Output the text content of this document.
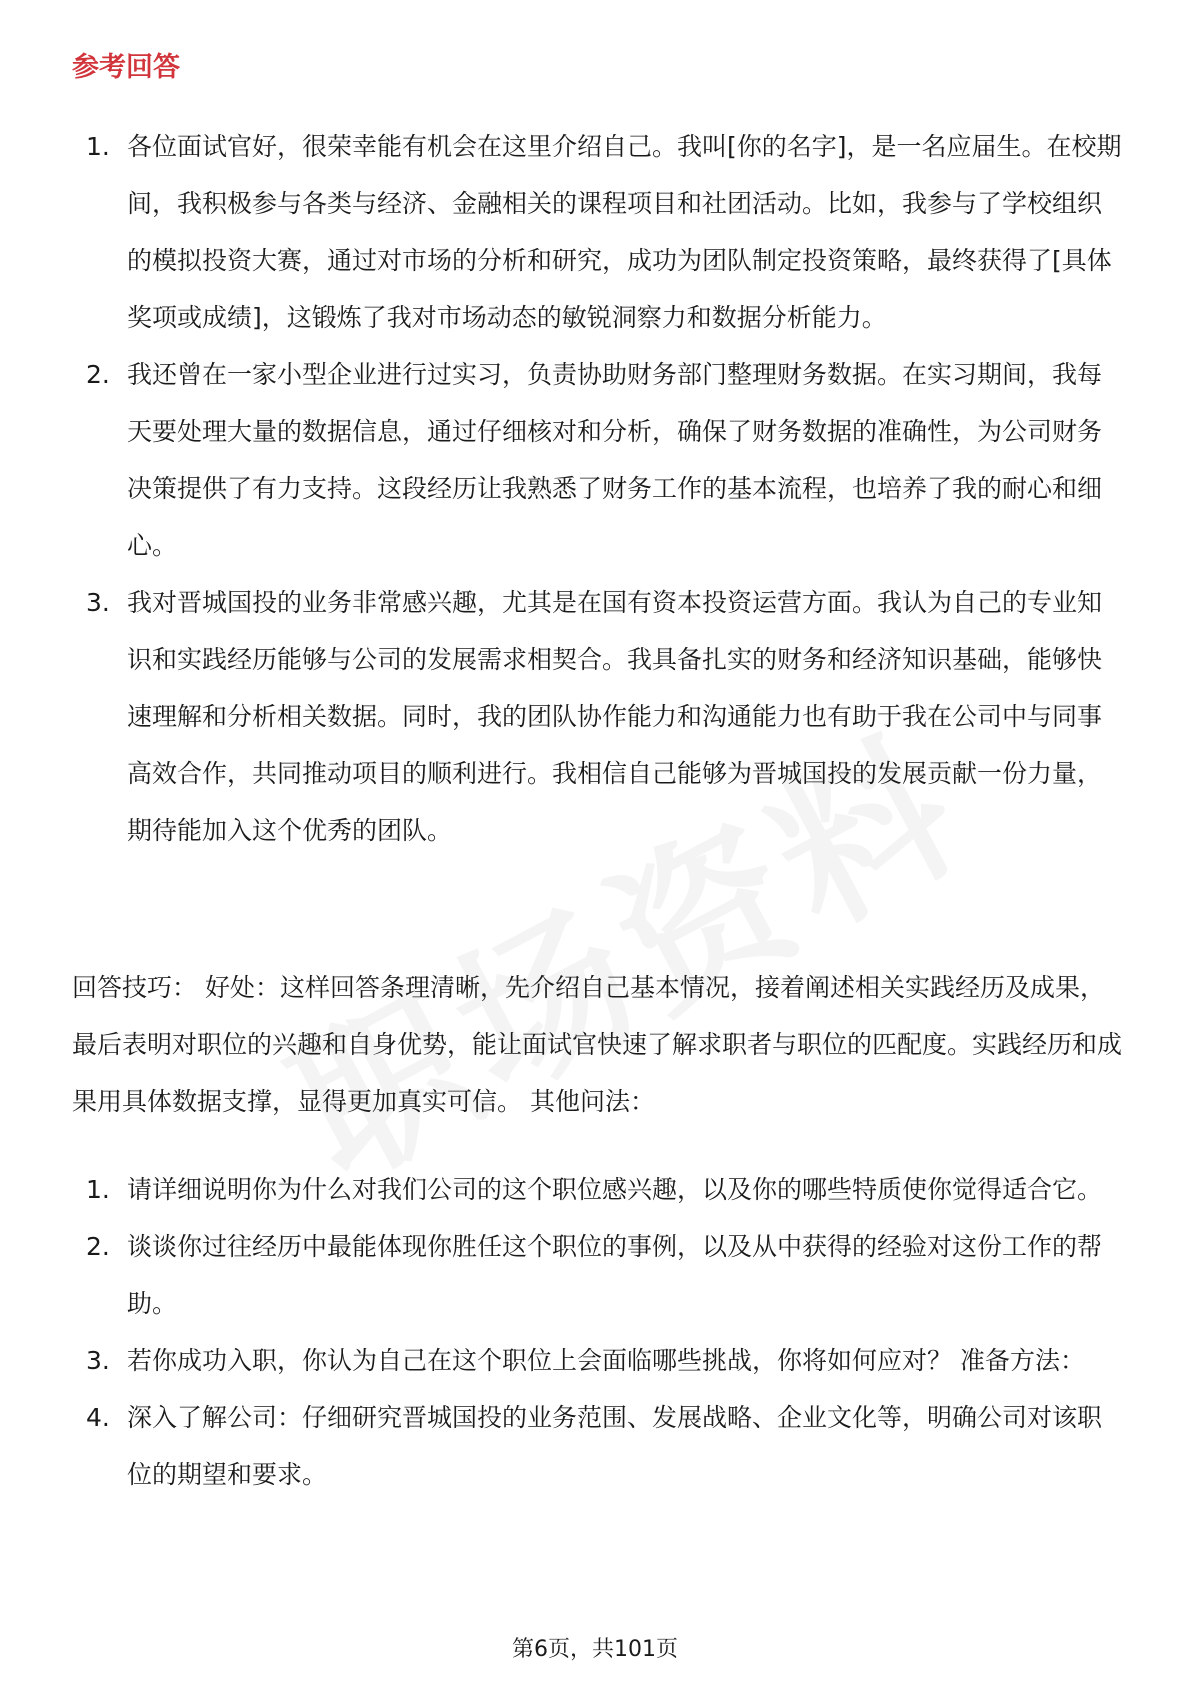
参考回答
1. 各位面试官好，很荣幸能有机会在这里介绍自己。我叫[你的名字]，是一名应届生。在校期间，我积极参与各类与经济、金融相关的课程项目和社团活动。比如，我参与了学校组织的模拟投资大赛，通过对市场的分析和研究，成功为团队制定投资策略，最终获得了[具体奖项或成绩]，这锻炼了我对市场动态的敏锐洞察力和数据分析能力。
2. 我还曾在一家小型企业进行过实习，负责协助财务部门整理财务数据。在实习期间，我每天要处理大量的数据信息，通过仔细核对和分析，确保了财务数据的准确性，为公司财务决策提供了有力支持。这段经历让我熟悉了财务工作的基本流程，也培养了我的耐心和细心。
3. 我对晋城国投的业务非常感兴趣，尤其是在国有资本投资运营方面。我认为自己的专业知识和实践经历能够与公司的发展需求相契合。我具备扎实的财务和经济知识基础，能够快速理解和分析相关数据。同时，我的团队协作能力和沟通能力也有助于我在公司中与同事高效合作，共同推动项目的顺利进行。我相信自己能够为晋城国投的发展贡献一份力量，期待能加入这个优秀的团队。

回答技巧： 好处：这样回答条理清晰，先介绍自己基本情况，接着阐述相关实践经历及成果，最后表明对职位的兴趣和自身优势，能让面试官快速了解求职者与职位的匹配度。实践经历和成果用具体数据支撑，显得更加真实可信。 其他问法：

1. 请详细说明你为什么对我们公司的这个职位感兴趣，以及你的哪些特质使你觉得适合它。
2. 谈谈你过往经历中最能体现你胜任这个职位的事例，以及从中获得的经验对这份工作的帮助。
3. 若你成功入职，你认为自己在这个职位上会面临哪些挑战，你将如何应对？ 准备方法：
4. 深入了解公司：仔细研究晋城国投的业务范围、发展战略、企业文化等，明确公司对该职位的期望和要求。
第6页，共101页
